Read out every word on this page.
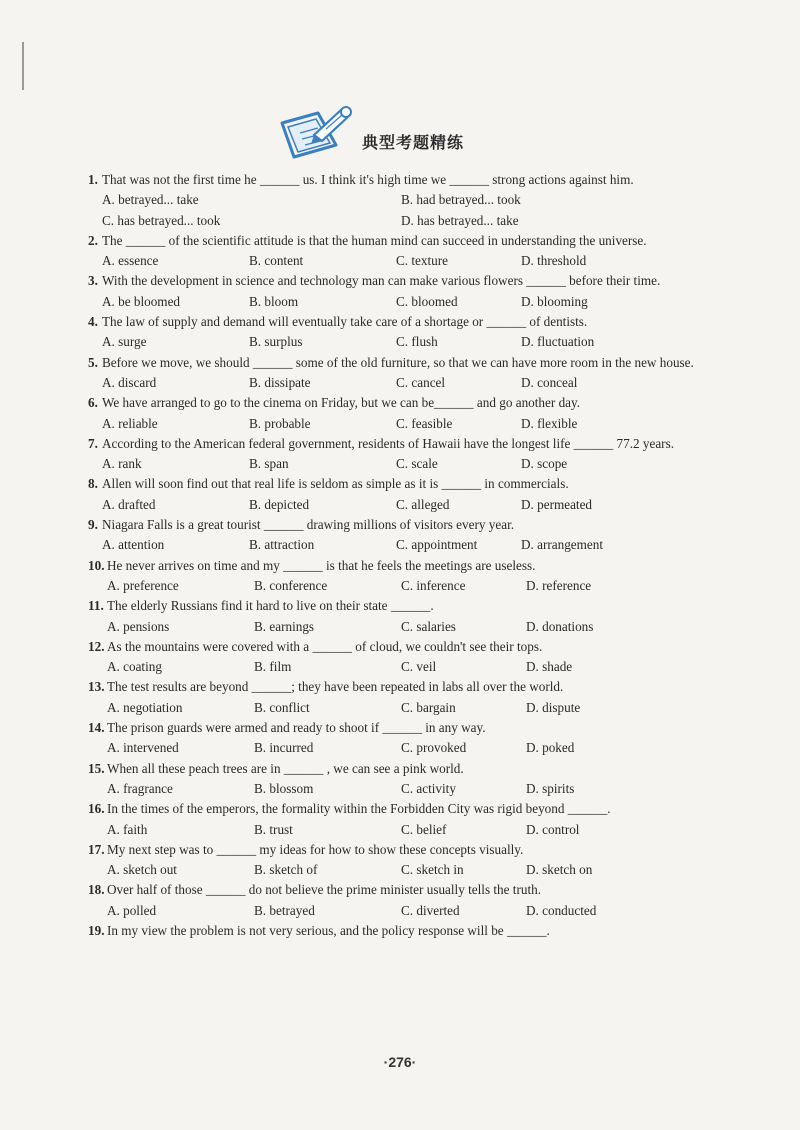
典型考题精练
1. That was not the first time he ______ us. I think it's high time we ______ strong actions against him.
A. betrayed... take	B. had betrayed... took
C. has betrayed... took	D. has betrayed... take
2. The ______ of the scientific attitude is that the human mind can succeed in understanding the universe.
A. essence	B. content	C. texture	D. threshold
3. With the development in science and technology man can make various flowers ______ before their time.
A. be bloomed	B. bloom	C. bloomed	D. blooming
4. The law of supply and demand will eventually take care of a shortage or ______ of dentists.
A. surge	B. surplus	C. flush	D. fluctuation
5. Before we move, we should ______ some of the old furniture, so that we can have more room in the new house.
A. discard	B. dissipate	C. cancel	D. conceal
6. We have arranged to go to the cinema on Friday, but we can be______ and go another day.
A. reliable	B. probable	C. feasible	D. flexible
7. According to the American federal government, residents of Hawaii have the longest life ______ 77.2 years.
A. rank	B. span	C. scale	D. scope
8. Allen will soon find out that real life is seldom as simple as it is ______ in commercials.
A. drafted	B. depicted	C. alleged	D. permeated
9. Niagara Falls is a great tourist ______ drawing millions of visitors every year.
A. attention	B. attraction	C. appointment	D. arrangement
10. He never arrives on time and my ______ is that he feels the meetings are useless.
A. preference	B. conference	C. inference	D. reference
11. The elderly Russians find it hard to live on their state ______.
A. pensions	B. earnings	C. salaries	D. donations
12. As the mountains were covered with a ______ of cloud, we couldn't see their tops.
A. coating	B. film	C. veil	D. shade
13. The test results are beyond ______; they have been repeated in labs all over the world.
A. negotiation	B. conflict	C. bargain	D. dispute
14. The prison guards were armed and ready to shoot if ______ in any way.
A. intervened	B. incurred	C. provoked	D. poked
15. When all these peach trees are in ______ , we can see a pink world.
A. fragrance	B. blossom	C. activity	D. spirits
16. In the times of the emperors, the formality within the Forbidden City was rigid beyond ______.
A. faith	B. trust	C. belief	D. control
17. My next step was to ______ my ideas for how to show these concepts visually.
A. sketch out	B. sketch of	C. sketch in	D. sketch on
18. Over half of those ______ do not believe the prime minister usually tells the truth.
A. polled	B. betrayed	C. diverted	D. conducted
19. In my view the problem is not very serious, and the policy response will be ______.
·276·
